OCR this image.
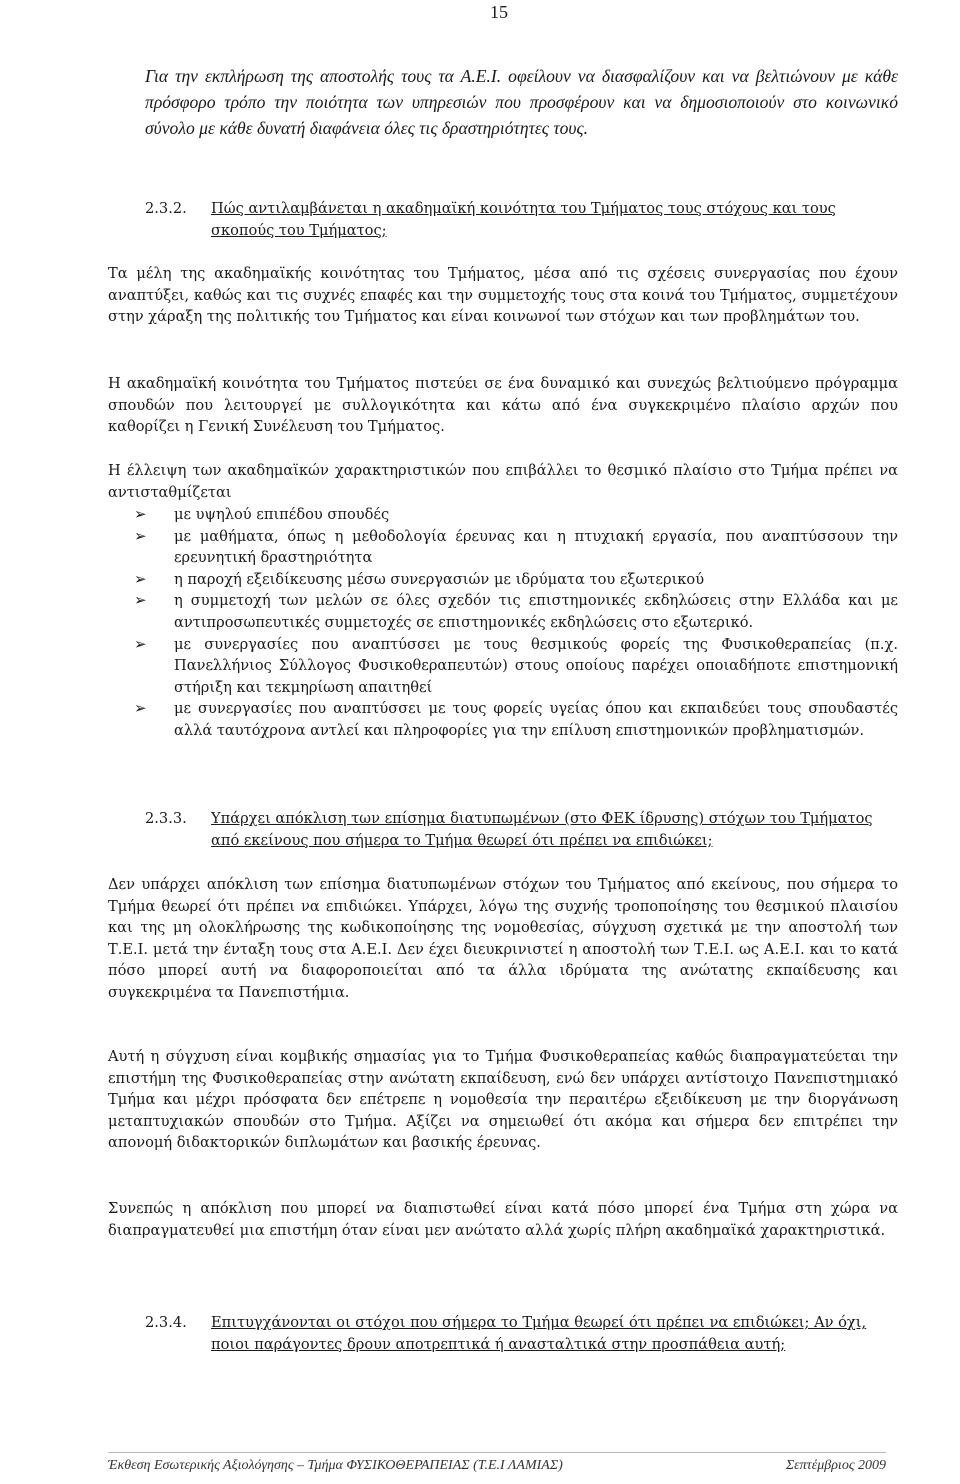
15
Για την εκπλήρωση της αποστολής τους τα Α.Ε.Ι. οφείλουν να διασφαλίζουν και να βελτιώνουν με κάθε πρόσφορο τρόπο την ποιότητα των υπηρεσιών που προσφέρουν και να δημοσιοποιούν στο κοινωνικό σύνολο με κάθε δυνατή διαφάνεια όλες τις δραστηριότητες τους.
2.3.2.	Πώς αντιλαμβάνεται η ακαδημαϊκή κοινότητα του Τμήματος τους στόχους και τους σκοπούς του Τμήματος;
Τα μέλη της ακαδημαϊκής κοινότητας του Τμήματος, μέσα από τις σχέσεις συνεργασίας που έχουν αναπτύξει, καθώς και τις συχνές επαφές και την συμμετοχής τους στα κοινά του Τμήματος, συμμετέχουν στην χάραξη της πολιτικής του Τμήματος και είναι κοινωνοί των στόχων και των προβλημάτων του.
Η ακαδημαϊκή κοινότητα του Τμήματος πιστεύει σε ένα δυναμικό και συνεχώς βελτιούμενο πρόγραμμα σπουδών που λειτουργεί με συλλογικότητα και κάτω από ένα συγκεκριμένο πλαίσιο αρχών που καθορίζει η Γενική Συνέλευση του Τμήματος.
Η έλλειψη των ακαδημαϊκών χαρακτηριστικών που επιβάλλει το θεσμικό πλαίσιο στο Τμήμα πρέπει να αντισταθμίζεται
➢	με υψηλού επιπέδου σπουδές
➢	με μαθήματα, όπως η μεθοδολογία έρευνας και η πτυχιακή εργασία, που αναπτύσσουν την ερευνητική δραστηριότητα
➢	η παροχή εξειδίκευσης μέσω συνεργασιών με ιδρύματα του εξωτερικού
➢	η συμμετοχή των μελών σε όλες σχεδόν τις επιστημονικές εκδηλώσεις στην Ελλάδα και με αντιπροσωπευτικές συμμετοχές σε επιστημονικές εκδηλώσεις στο εξωτερικό.
➢	με συνεργασίες που αναπτύσσει με τους θεσμικούς φορείς της Φυσικοθεραπείας (π.χ. Πανελλήνιος Σύλλογος Φυσικοθεραπευτών) στους οποίους παρέχει οποιαδήποτε επιστημονική στήριξη και τεκμηρίωση απαιτηθεί
➢	με συνεργασίες που αναπτύσσει με τους φορείς υγείας όπου και εκπαιδεύει τους σπουδαστές αλλά ταυτόχρονα αντλεί και πληροφορίες για την επίλυση επιστημονικών προβληματισμών.
2.3.3.	Υπάρχει απόκλιση των επίσημα διατυπωμένων (στο ΦΕΚ ίδρυσης) στόχων του Τμήματος από εκείνους που σήμερα το Τμήμα θεωρεί ότι πρέπει να επιδιώκει;
Δεν υπάρχει απόκλιση των επίσημα διατυπωμένων στόχων του Τμήματος από εκείνους, που σήμερα το Τμήμα θεωρεί ότι πρέπει να επιδιώκει. Υπάρχει, λόγω της συχνής τροποποίησης του θεσμικού πλαισίου και της μη ολοκλήρωσης της κωδικοποίησης της νομοθεσίας, σύγχυση σχετικά με την αποστολή των Τ.Ε.Ι. μετά την ένταξη τους στα Α.Ε.Ι. Δεν έχει διευκρινιστεί η αποστολή των Τ.Ε.Ι. ως Α.Ε.Ι. και το κατά πόσο μπορεί αυτή να διαφοροποιείται από τα άλλα ιδρύματα της ανώτατης εκπαίδευσης και συγκεκριμένα τα Πανεπιστήμια.
Αυτή η σύγχυση είναι κομβικής σημασίας για το Τμήμα Φυσικοθεραπείας καθώς διαπραγματεύεται την επιστήμη της Φυσικοθεραπείας στην ανώτατη εκπαίδευση, ενώ δεν υπάρχει αντίστοιχο Πανεπιστημιακό Τμήμα και μέχρι πρόσφατα δεν επέτρεπε η νομοθεσία την περαιτέρω εξειδίκευση με την διοργάνωση μεταπτυχιακών σπουδών στο Τμήμα. Αξίζει να σημειωθεί ότι ακόμα και σήμερα δεν επιτρέπει την απονομή διδακτορικών διπλωμάτων και βασικής έρευνας.
Συνεπώς η απόκλιση που μπορεί να διαπιστωθεί είναι κατά πόσο μπορεί ένα Τμήμα στη χώρα να διαπραγματευθεί μια επιστήμη όταν είναι μεν ανώτατο αλλά χωρίς πλήρη ακαδημαϊκά χαρακτηριστικά.
2.3.4.	Επιτυγχάνονται οι στόχοι που σήμερα το Τμήμα θεωρεί ότι πρέπει να επιδιώκει; Αν όχι, ποιοι παράγοντες δρουν αποτρεπτικά ή ανασταλτικά στην προσπάθεια αυτή;
Έκθεση Εσωτερικής Αξιολόγησης – Τμήμα ΦΥΣΙΚΟΘΕΡΑΠΕΙΑΣ (Τ.Ε.Ι ΛΑΜΙΑΣ)	Σεπτέμβριος 2009
